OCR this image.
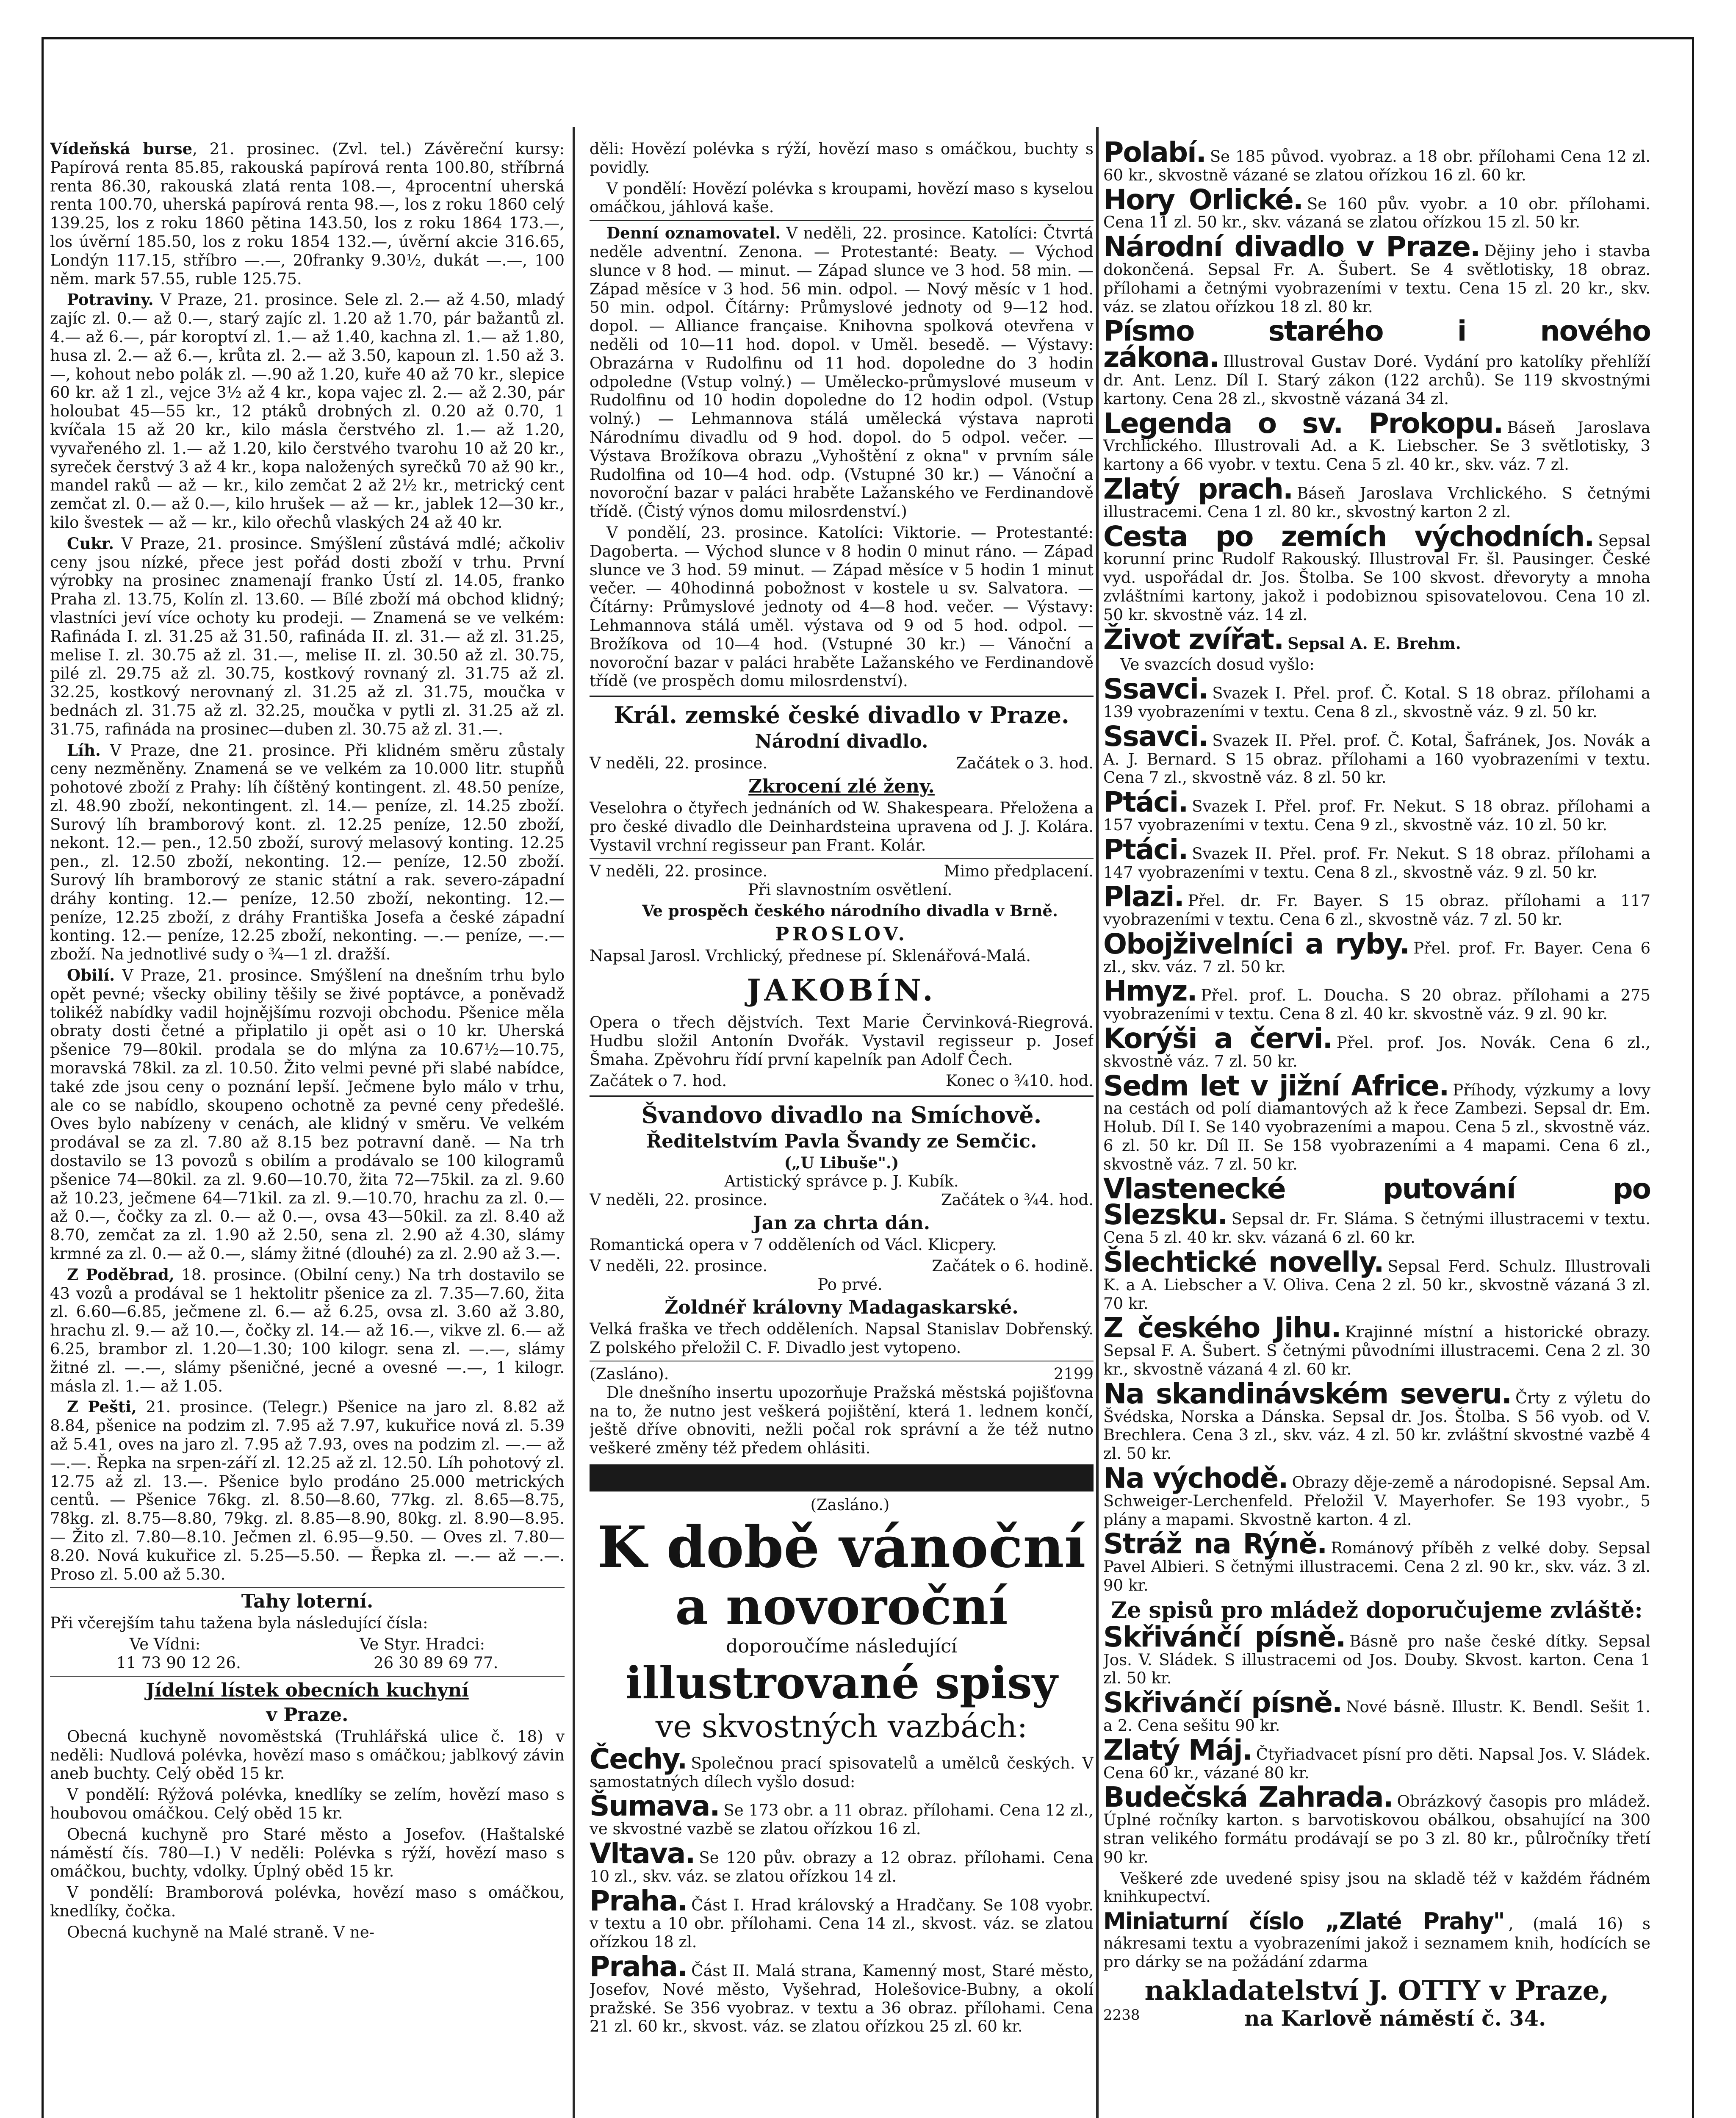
Vídeňská burse, 21. prosinec. (Zvl. tel.) Závěreční kursy: Papírová renta 85.85, rakouská papírová renta 100.80, stříbrná renta 86.30, rakouská zlatá renta 108.—, 4procentní uherská renta 100.70, uherská papírová renta 98.—, los z roku 1860 celý 139.25, los z roku 1860 pětina 143.50, los z roku 1864 173.—, los úvěrní 185.50, los z roku 1854 132.—, úvěrní akcie 316.65, Londýn 117.15, stříbro —.—, 20franky 9.30½, dukát —.—, 100 něm. mark 57.55, ruble 125.75.

Potraviny. V Praze, 21. prosince. Sele zl. 2.— až 4.50, mladý zajíc zl. 0.— až 0.—, starý zajíc zl. 1.20 až 1.70, pár bažantů zl. 4.— až 6.—, pár koroptví zl. 1.— až 1.40, kachna zl. 1.— až 1.80, husa zl. 2.— až 6.—, krůta zl. 2.— až 3.50, kapoun zl. 1.50 až 3.—, kohout nebo polák zl. —.90 až 1.20, kuře 40 až 70 kr., slepice 60 kr. až 1 zl., vejce 3½ až 4 kr., kopa vajec zl. 2.— až 2.30, pár holoubat 45—55 kr., 12 ptáků drobných zl. 0.20 až 0.70, 1 kvíčala 15 až 20 kr., kilo másla čerstvého zl. 1.— až 1.20, vyvařeného zl. 1.— až 1.20, kilo čerstvého tvarohu 10 až 20 kr., syreček čerstvý 3 až 4 kr., kopa naložených syrečků 70 až 90 kr., mandel raků — až — kr., kilo zemčat 2 až 2½ kr., metrický cent zemčat zl. 0.— až 0.—, kilo hrušek — až — kr., jablek 12—30 kr., kilo švestek — až — kr., kilo ořechů vlaských 24 až 40 kr.

Cukr. V Praze, 21. prosince. Smýšlení zůstává mdlé; ačkoliv ceny jsou nízké, přece jest pořád dosti zboží v trhu. První výrobky na prosinec znamenají franko Ústí zl. 14.05, franko Praha zl. 13.75, Kolín zl. 13.60. — Bílé zboží má obchod klidný; vlastníci jeví více ochoty ku prodeji. — Znamená se ve velkém: Rafináda I. zl. 31.25 až 31.50, rafináda II. zl. 31.— až zl. 31.25, melise I. zl. 30.75 až zl. 31.—, melise II. zl. 30.50 až zl. 30.75, pilé zl. 29.75 až zl. 30.75, kostkový rovnaný zl. 31.75 až zl. 32.25, kostkový nerovnaný zl. 31.25 až zl. 31.75, moučka v bednách zl. 31.75 až zl. 32.25, moučka v pytli zl. 31.25 až zl. 31.75, rafináda na prosinec—duben zl. 30.75 až zl. 31.—.

Líh. V Praze, dne 21. prosince. Při klidném směru zůstaly ceny nezměněny. Znamená se ve velkém za 10.000 litr. stupňů pohotové zboží z Prahy: líh číštěný kontingent. zl. 48.50 peníze, zl. 48.90 zboží, nekontingent. zl. 14.— peníze, zl. 14.25 zboží. Surový líh bramborový kont. zl. 12.25 peníze, 12.50 zboží, nekont. 12.— pen., 12.50 zboží, surový melasový konting. 12.25 pen., zl. 12.50 zboží, nekonting. 12.— peníze, 12.50 zboží. Surový líh bramborový ze stanic státní a rak. severo-západní dráhy konting. 12.— peníze, 12.50 zboží, nekonting. 12.— peníze, 12.25 zboží, z dráhy Františka Josefa a české západní konting. 12.— peníze, 12.25 zboží, nekonting. —.— peníze, —.— zboží. Na jednotlivé sudy o ¾—1 zl. dražší.

Obilí. V Praze, 21. prosince. Smýšlení na dnešním trhu bylo opět pevné; všecky obiliny těšily se živé poptávce, a poněvadž tolikéž nabídky vadil hojnějšímu rozvoji obchodu. Pšenice měla obraty dosti četné a připlatilo ji opět asi o 10 kr. Uherská pšenice 79—80kil. prodala se do mlýna za 10.67½—10.75, moravská 78kil. za zl. 10.50. Žito velmi pevné při slabé nabídce, také zde jsou ceny o poznání lepší. Ječmene bylo málo v trhu, ale co se nabídlo, skoupeno ochotně za pevné ceny předešlé. Oves bylo nabízeny v cenách, ale klidný v směru. Ve velkém prodával se za zl. 7.80 až 8.15 bez potravní daně. — Na trh dostavilo se 13 povozů s obilím a prodávalo se 100 kilogramů pšenice 74—80kil. za zl. 9.60—10.70, žita 72—75kil. za zl. 9.60 až 10.23, ječmene 64—71kil. za zl. 9.—10.70, hrachu za zl. 0.— až 0.—, čočky za zl. 0.— až 0.—, ovsa 43—50kil. za zl. 8.40 až 8.70, zemčat za zl. 1.90 až 2.50, sena zl. 2.90 až 4.30, slámy krmné za zl. 0.— až 0.—, slámy žitné (dlouhé) za zl. 2.90 až 3.—.

Z Poděbrad, 18. prosince. (Obilní ceny.) Na trh dostavilo se 43 vozů a prodával se 1 hektolitr pšenice za zl. 7.35—7.60, žita zl. 6.60—6.85, ječmene zl. 6.— až 6.25, ovsa zl. 3.60 až 3.80, hrachu zl. 9.— až 10.—, čočky zl. 14.— až 16.—, vikve zl. 6.— až 6.25, brambor zl. 1.20—1.30; 100 kilogr. sena zl. —.—, slámy žitné zl. —.—, slámy pšeničné, jecné a ovesné —.—, 1 kilogr. másla zl. 1.— až 1.05.

Z Pešti, 21. prosince. (Telegr.) Pšenice na jaro zl. 8.82 až 8.84, pšenice na podzim zl. 7.95 až 7.97, kukuřice nová zl. 5.39 až 5.41, oves na jaro zl. 7.95 až 7.93, oves na podzim zl. —.— až —.—. Řepka na srpen-září zl. 12.25 až zl. 12.50. Líh pohotový zl. 12.75 až zl. 13.—. Pšenice bylo prodáno 25.000 metrických centů. — Pšenice 76kg. zl. 8.50—8.60, 77kg. zl. 8.65—8.75, 78kg. zl. 8.75—8.80, 79kg. zl. 8.85—8.90, 80kg. zl. 8.90—8.95. — Žito zl. 7.80—8.10. Ječmen zl. 6.95—9.50. — Oves zl. 7.80—8.20. Nová kukuřice zl. 5.25—5.50. — Řepka zl. —.— až —.—. Proso zl. 5.00 až 5.30.

Tahy loterní.

Při včerejším tahu tažena byla následující čísla:

Ve Vídni:	Ve Styr. Hradci:
11 73 90 12 26.	26 30 89 69 77.
Jídelní lístek obecních kuchyní
v Praze.

Obecná kuchyně novoměstská (Truhlářská ulice č. 18) v neděli: Nudlová polévka, hovězí maso s omáčkou; jablkový závin aneb buchty. Celý oběd 15 kr.

V pondělí: Rýžová polévka, knedlíky se zelím, hovězí maso s houbovou omáčkou. Celý oběd 15 kr.

Obecná kuchyně pro Staré město a Josefov. (Haštalské náměstí čís. 780—I.) V neděli: Polévka s rýží, hovězí maso s omáčkou, buchty, vdolky. Úplný oběd 15 kr.

V pondělí: Bramborová polévka, hovězí maso s omáčkou, knedlíky, čočka.

Obecná kuchyně na Malé straně. V ne-

děli: Hovězí polévka s rýží, hovězí maso s omáčkou, buchty s povidly.

V pondělí: Hovězí polévka s kroupami, hovězí maso s kyselou omáčkou, jáhlová kaše.

Denní oznamovatel. V neděli, 22. prosince. Katolíci: Čtvrtá neděle adventní. Zenona. — Protestanté: Beaty. — Východ slunce v 8 hod. — minut. — Západ slunce ve 3 hod. 58 min. — Západ měsíce v 3 hod. 56 min. odpol. — Nový měsíc v 1 hod. 50 min. odpol. Čítárny: Průmyslové jednoty od 9—12 hod. dopol. — Alliance française. Knihovna spolková otevřena v neděli od 10—11 hod. dopol. v Uměl. besedě. — Výstavy: Obrazárna v Rudolfinu od 11 hod. dopoledne do 3 hodin odpoledne (Vstup volný.) — Umělecko-průmyslové museum v Rudolfinu od 10 hodin dopoledne do 12 hodin odpol. (Vstup volný.) — Lehmannova stálá umělecká výstava naproti Národnímu divadlu od 9 hod. dopol. do 5 odpol. večer. — Výstava Brožíkova obrazu „Vyhoštění z okna" v prvním sále Rudolfina od 10—4 hod. odp. (Vstupné 30 kr.) — Vánoční a novoroční bazar v paláci hraběte Lažanského ve Ferdinandově třídě. (Čistý výnos domu milosrdenství.)

V pondělí, 23. prosince. Katolíci: Viktorie. — Protestanté: Dagoberta. — Východ slunce v 8 hodin 0 minut ráno. — Západ slunce ve 3 hod. 59 minut. — Západ měsíce v 5 hodin 1 minut večer. — 40hodinná pobožnost v kostele u sv. Salvatora. — Čítárny: Průmyslové jednoty od 4—8 hod. večer. — Výstavy: Lehmannova stálá uměl. výstava od 9 od 5 hod. odpol. — Brožíkova od 10—4 hod. (Vstupné 30 kr.) — Vánoční a novoroční bazar v paláci hraběte Lažanského ve Ferdinandově třídě (ve prospěch domu milosrdenství).

Král. zemské české divadlo v Praze.
Národní divadlo.
V neděli, 22. prosince.	Začátek o 3. hod.
Zkrocení zlé ženy.

Veselohra o čtyřech jednáních od W. Shakespeara. Přeložena a pro české divadlo dle Deinhardsteina upravena od J. J. Kolára. Vystavil vrchní regisseur pan Frant. Kolár.

V neděli, 22. prosince.	Mimo předplacení.

Při slavnostním osvětlení.

Ve prospěch českého národního divadla v Brně.

PROSLOV.

Napsal Jarosl. Vrchlický, přednese pí. Sklenářová-Malá.

JAKOBÍN.

Opera o třech dějstvích. Text Marie Červinková-Riegrová. Hudbu složil Antonín Dvořák. Vystavil regisseur p. Josef Šmaha. Zpěvohru řídí první kapelník pan Adolf Čech.

Začátek o 7. hod.	Konec o ¾10. hod.
Švandovo divadlo na Smíchově.
Ředitelstvím Pavla Švandy ze Semčic.
(„U Libuše".)
Artistický správce p. J. Kubík.
V neděli, 22. prosince.	Začátek o ¾4. hod.
Jan za chrta dán.

Romantická opera v 7 odděleních od Václ. Klicpery.

V neděli, 22. prosince.	Začátek o 6. hodině.

Po prvé.

Žoldnéř královny Madagaskarské.

Velká fraška ve třech odděleních. Napsal Stanislav Dobřenský. Z polského přeložil C. F. Divadlo jest vytopeno.

(Zasláno).	2199

Dle dnešního insertu upozorňuje Pražská městská pojišťovna na to, že nutno jest veškerá pojištění, která 1. lednem končí, ještě dříve obnoviti, nežli počal rok správní a že též nutno veškeré změny též předem ohlásiti.

(Zasláno.)

K době vánoční
a novoroční
doporoučíme následující
illustrované spisy
ve skvostných vazbách:

Čechy. Společnou prací spisovatelů a umělců českých. V samostatných dílech vyšlo dosud:

Šumava. Se 173 obr. a 11 obraz. přílohami. Cena 12 zl., ve skvostné vazbě se zlatou ořízkou 16 zl.

Vltava. Se 120 pův. obrazy a 12 obraz. přílohami. Cena 10 zl., skv. váz. se zlatou ořízkou 14 zl.

Praha. Část I. Hrad královský a Hradčany. Se 108 vyobr. v textu a 10 obr. přílohami. Cena 14 zl., skvost. váz. se zlatou ořízkou 18 zl.

Praha. Část II. Malá strana, Kamenný most, Staré město, Josefov, Nové město, Vyšehrad, Holešovice-Bubny, a okolí pražské. Se 356 vyobraz. v textu a 36 obraz. přílohami. Cena 21 zl. 60 kr., skvost. váz. se zlatou ořízkou 25 zl. 60 kr.

Polabí. Se 185 původ. vyobraz. a 18 obr. přílohami Cena 12 zl. 60 kr., skvostně vázané se zlatou ořízkou 16 zl. 60 kr.

Hory Orlické. Se 160 pův. vyobr. a 10 obr. přílohami. Cena 11 zl. 50 kr., skv. vázaná se zlatou ořízkou 15 zl. 50 kr.

Národní divadlo v Praze. Dějiny jeho i stavba dokončená. Sepsal Fr. A. Šubert. Se 4 světlotisky, 18 obraz. přílohami a četnými vyobrazeními v textu. Cena 15 zl. 20 kr., skv. váz. se zlatou ořízkou 18 zl. 80 kr.

Písmo starého i nového zákona. Illustroval Gustav Doré. Vydání pro katolíky přehlíží dr. Ant. Lenz. Díl I. Starý zákon (122 archů). Se 119 skvostnými kartony. Cena 28 zl., skvostně vázaná 34 zl.

Legenda o sv. Prokopu. Báseň Jaroslava Vrchlického. Illustrovali Ad. a K. Liebscher. Se 3 světlotisky, 3 kartony a 66 vyobr. v textu. Cena 5 zl. 40 kr., skv. váz. 7 zl.

Zlatý prach. Báseň Jaroslava Vrchlického. S četnými illustracemi. Cena 1 zl. 80 kr., skvostný karton 2 zl.

Cesta po zemích východních. Sepsal korunní princ Rudolf Rakouský. Illustroval Fr. šl. Pausinger. České vyd. uspořádal dr. Jos. Štolba. Se 100 skvost. dřevoryty a mnoha zvláštními kartony, jakož i podobiznou spisovatelovou. Cena 10 zl. 50 kr. skvostně váz. 14 zl.

Život zvířat. Sepsal A. E. Brehm.

Ve svazcích dosud vyšlo:

Ssavci. Svazek I. Přel. prof. Č. Kotal. S 18 obraz. přílohami a 139 vyobrazeními v textu. Cena 8 zl., skvostně váz. 9 zl. 50 kr.

Ssavci. Svazek II. Přel. prof. Č. Kotal, Šafránek, Jos. Novák a A. J. Bernard. S 15 obraz. přílohami a 160 vyobrazeními v textu. Cena 7 zl., skvostně váz. 8 zl. 50 kr.

Ptáci. Svazek I. Přel. prof. Fr. Nekut. S 18 obraz. přílohami a 157 vyobrazeními v textu. Cena 9 zl., skvostně váz. 10 zl. 50 kr.

Ptáci. Svazek II. Přel. prof. Fr. Nekut. S 18 obraz. přílohami a 147 vyobrazeními v textu. Cena 8 zl., skvostně váz. 9 zl. 50 kr.

Plazi. Přel. dr. Fr. Bayer. S 15 obraz. přílohami a 117 vyobrazeními v textu. Cena 6 zl., skvostně váz. 7 zl. 50 kr.

Obojživelníci a ryby. Přel. prof. Fr. Bayer. Cena 6 zl., skv. váz. 7 zl. 50 kr.

Hmyz. Přel. prof. L. Doucha. S 20 obraz. přílohami a 275 vyobrazeními v textu. Cena 8 zl. 40 kr. skvostně váz. 9 zl. 90 kr.

Korýši a červi. Přel. prof. Jos. Novák. Cena 6 zl., skvostně váz. 7 zl. 50 kr.

Sedm let v jižní Africe. Příhody, výzkumy a lovy na cestách od polí diamantových až k řece Zambezi. Sepsal dr. Em. Holub. Díl I. Se 140 vyobrazeními a mapou. Cena 5 zl., skvostně váz. 6 zl. 50 kr. Díl II. Se 158 vyobrazeními a 4 mapami. Cena 6 zl., skvostně váz. 7 zl. 50 kr.

Vlastenecké putování po Slezsku. Sepsal dr. Fr. Sláma. S četnými illustracemi v textu. Cena 5 zl. 40 kr. skv. vázaná 6 zl. 60 kr.

Šlechtické novelly. Sepsal Ferd. Schulz. Illustrovali K. a A. Liebscher a V. Oliva. Cena 2 zl. 50 kr., skvostně vázaná 3 zl. 70 kr.

Z českého Jihu. Krajinné místní a historické obrazy. Sepsal F. A. Šubert. S četnými původními illustracemi. Cena 2 zl. 30 kr., skvostně vázaná 4 zl. 60 kr.

Na skandinávském severu. Črty z výletu do Švédska, Norska a Dánska. Sepsal dr. Jos. Štolba. S 56 vyob. od V. Brechlera. Cena 3 zl., skv. váz. 4 zl. 50 kr. zvláštní skvostné vazbě 4 zl. 50 kr.

Na východě. Obrazy děje-země a národopisné. Sepsal Am. Schweiger-Lerchenfeld. Přeložil V. Mayerhofer. Se 193 vyobr., 5 plány a mapami. Skvostně karton. 4 zl.

Stráž na Rýně. Románový příběh z velké doby. Sepsal Pavel Albieri. S četnými illustracemi. Cena 2 zl. 90 kr., skv. váz. 3 zl. 90 kr.

Ze spisů pro mládež doporučujeme zvláště:

Skřivánčí písně. Básně pro naše české dítky. Sepsal Jos. V. Sládek. S illustracemi od Jos. Douby. Skvost. karton. Cena 1 zl. 50 kr.

Skřivánčí písně. Nové básně. Illustr. K. Bendl. Sešit 1. a 2. Cena sešitu 90 kr.

Zlatý Máj. Čtyřiadvacet písní pro děti. Napsal Jos. V. Sládek. Cena 60 kr., vázané 80 kr.

Budečská Zahrada. Obrázkový časopis pro mládež. Úplné ročníky karton. s barvotiskovou obálkou, obsahující na 300 stran velikého formátu prodávají se po 3 zl. 80 kr., půlročníky třetí 90 kr.

Veškeré zde uvedené spisy jsou na skladě též v každém řádném knihkupectví.

Miniaturní číslo „Zlaté Prahy" , (malá 16) s nákresami textu a vyobrazeními jakož i seznamem knih, hodících se pro dárky se na požádání zdarma

nakladatelství J. OTTY v Praze,
2238	na Karlově náměstí č. 34.
